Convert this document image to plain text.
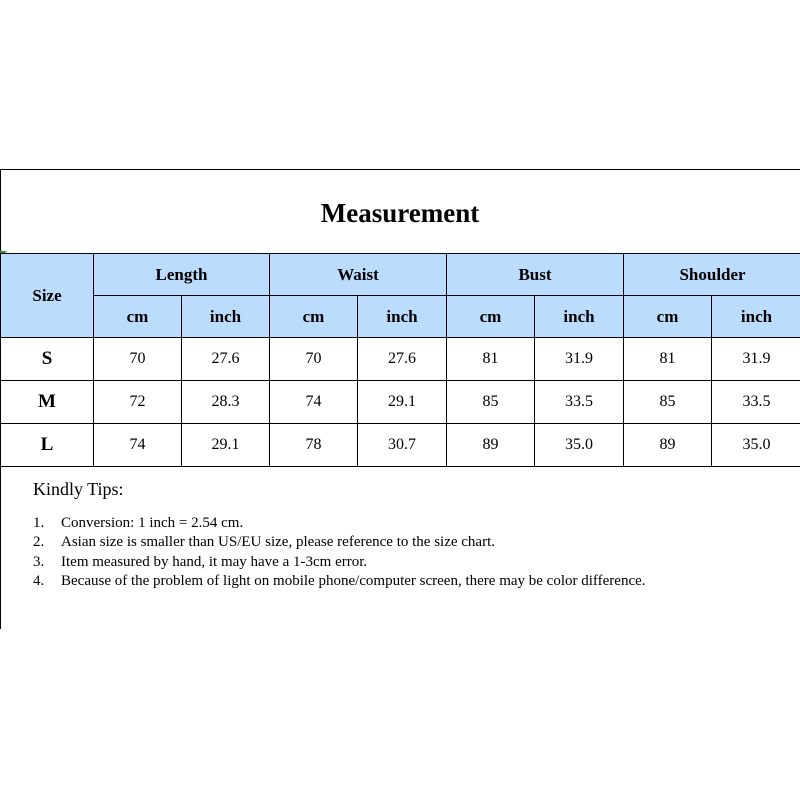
Measurement
Size	Length		Waist		Bust		Shoulder	
	cm	inch	cm	inch	cm	inch	cm	inch
S	70	27.6	70	27.6	81	31.9	81	31.9
M	72	28.3	74	29.1	85	33.5	85	33.5
L	74	29.1	78	30.7	89	35.0	89	35.0
Kindly Tips:
1. Conversion: 1 inch = 2.54 cm.
2. Asian size is smaller than US/EU size, please reference to the size chart.
3. Item measured by hand, it may have a 1-3cm error.
4. Because of the problem of light on mobile phone/computer screen, there may be color difference.
